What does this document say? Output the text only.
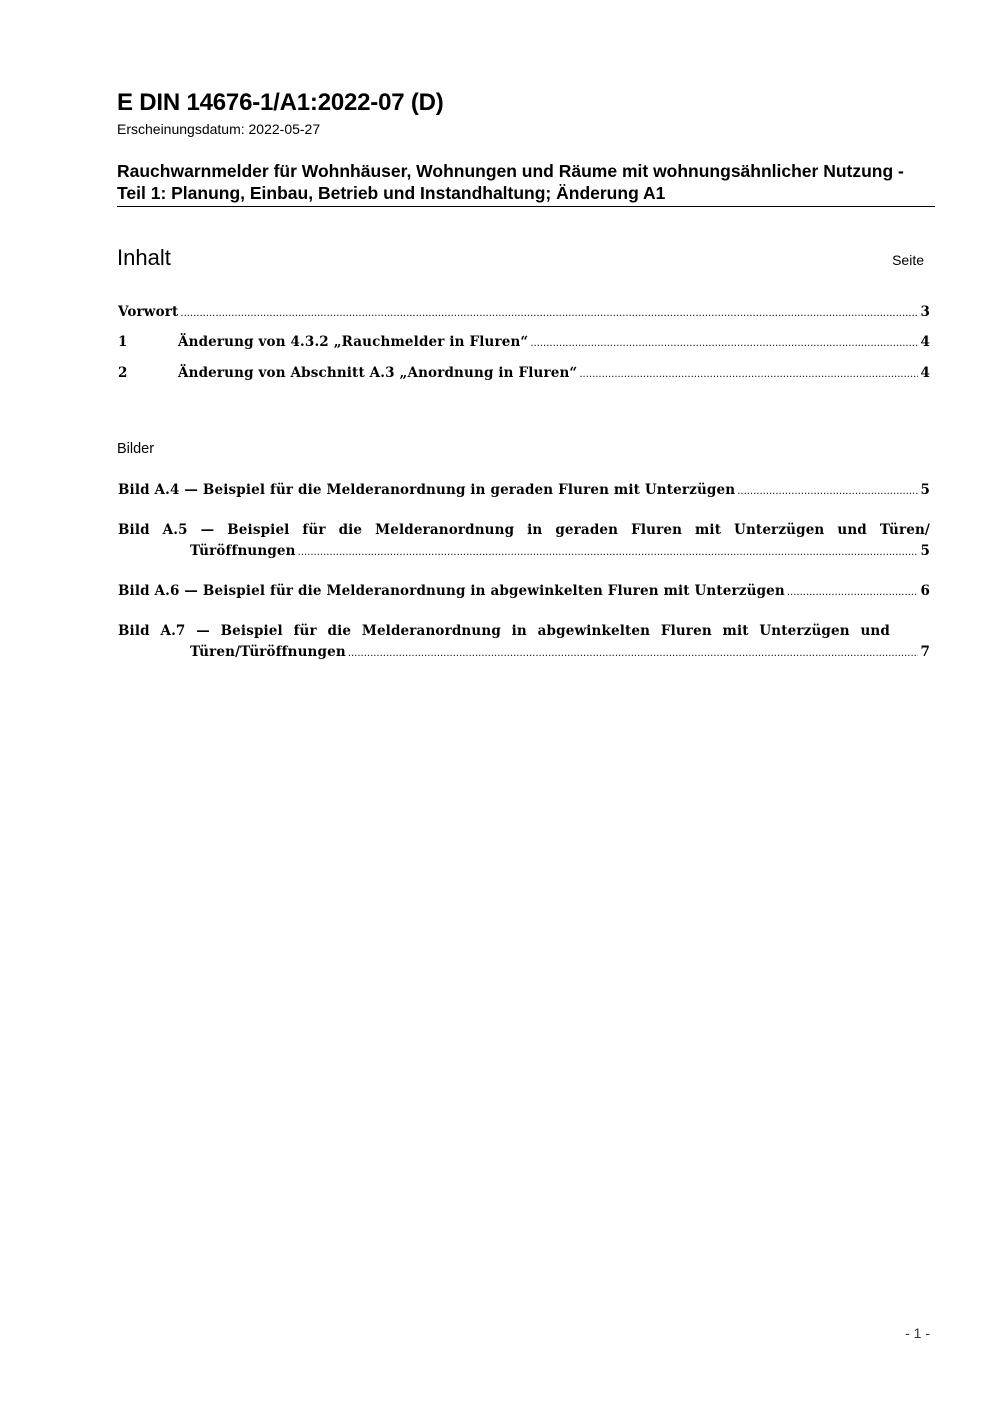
E DIN 14676-1/A1:2022-07 (D)
Erscheinungsdatum: 2022-05-27
Rauchwarnmelder für Wohnhäuser, Wohnungen und Räume mit wohnungsähnlicher Nutzung - Teil 1: Planung, Einbau, Betrieb und Instandhaltung; Änderung A1
Inhalt	Seite
Vorwort .....	3
1	Änderung von 4.3.2 „Rauchmelder in Fluren“ .....	4
2	Änderung von Abschnitt A.3 „Anordnung in Fluren“ .....	4
Bilder
Bild A.4 — Beispiel für die Melderanordnung in geraden Fluren mit Unterzügen .....	5
Bild A.5 — Beispiel für die Melderanordnung in geraden Fluren mit Unterzügen und Türen/
Türöffnungen .....	5
Bild A.6 — Beispiel für die Melderanordnung in abgewinkelten Fluren mit Unterzügen .....	6
Bild A.7 — Beispiel für die Melderanordnung in abgewinkelten Fluren mit Unterzügen und
Türen/Türöffnungen .....	7
- 1 -
